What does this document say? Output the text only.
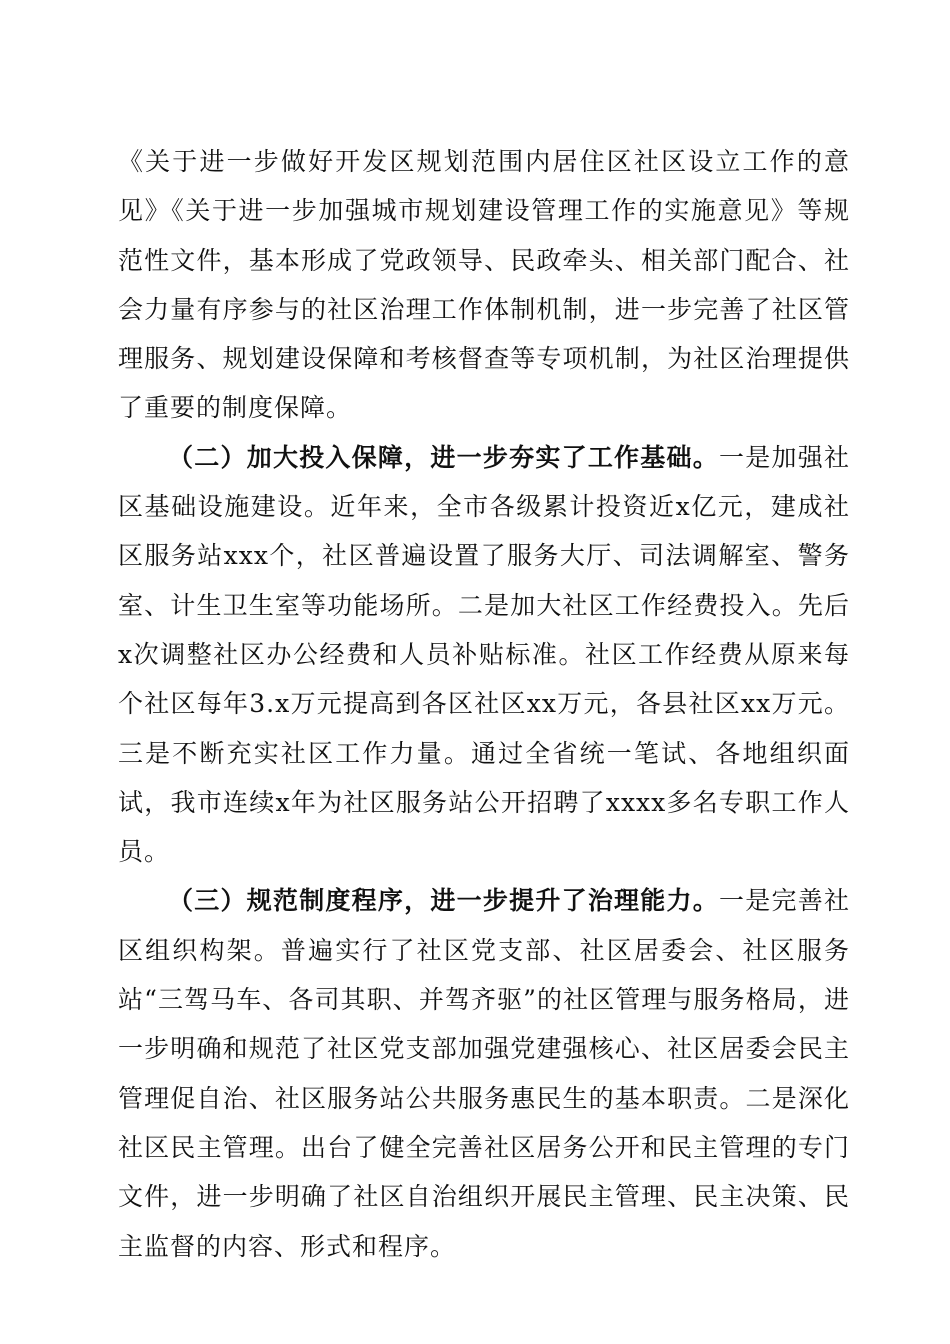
《关于进一步做好开发区规划范围内居住区社区设立工作的意见》《关于进一步加强城市规划建设管理工作的实施意见》等规范性文件，基本形成了党政领导、民政牵头、相关部门配合、社会力量有序参与的社区治理工作体制机制，进一步完善了社区管理服务、规划建设保障和考核督查等专项机制，为社区治理提供了重要的制度保障。

（二）加大投入保障，进一步夯实了工作基础。一是加强社区基础设施建设。近年来，全市各级累计投资近x亿元，建成社区服务站xxx个，社区普遍设置了服务大厅、司法调解室、警务室、计生卫生室等功能场所。二是加大社区工作经费投入。先后x次调整社区办公经费和人员补贴标准。社区工作经费从原来每个社区每年3.x万元提高到各区社区xx万元，各县社区xx万元。三是不断充实社区工作力量。通过全省统一笔试、各地组织面试，我市连续x年为社区服务站公开招聘了xxxx多名专职工作人员。

（三）规范制度程序，进一步提升了治理能力。一是完善社区组织构架。普遍实行了社区党支部、社区居委会、社区服务站“三驾马车、各司其职、并驾齐驱”的社区管理与服务格局，进一步明确和规范了社区党支部加强党建强核心、社区居委会民主管理促自治、社区服务站公共服务惠民生的基本职责。二是深化社区民主管理。出台了健全完善社区居务公开和民主管理的专门文件，进一步明确了社区自治组织开展民主管理、民主决策、民主监督的内容、形式和程序。
